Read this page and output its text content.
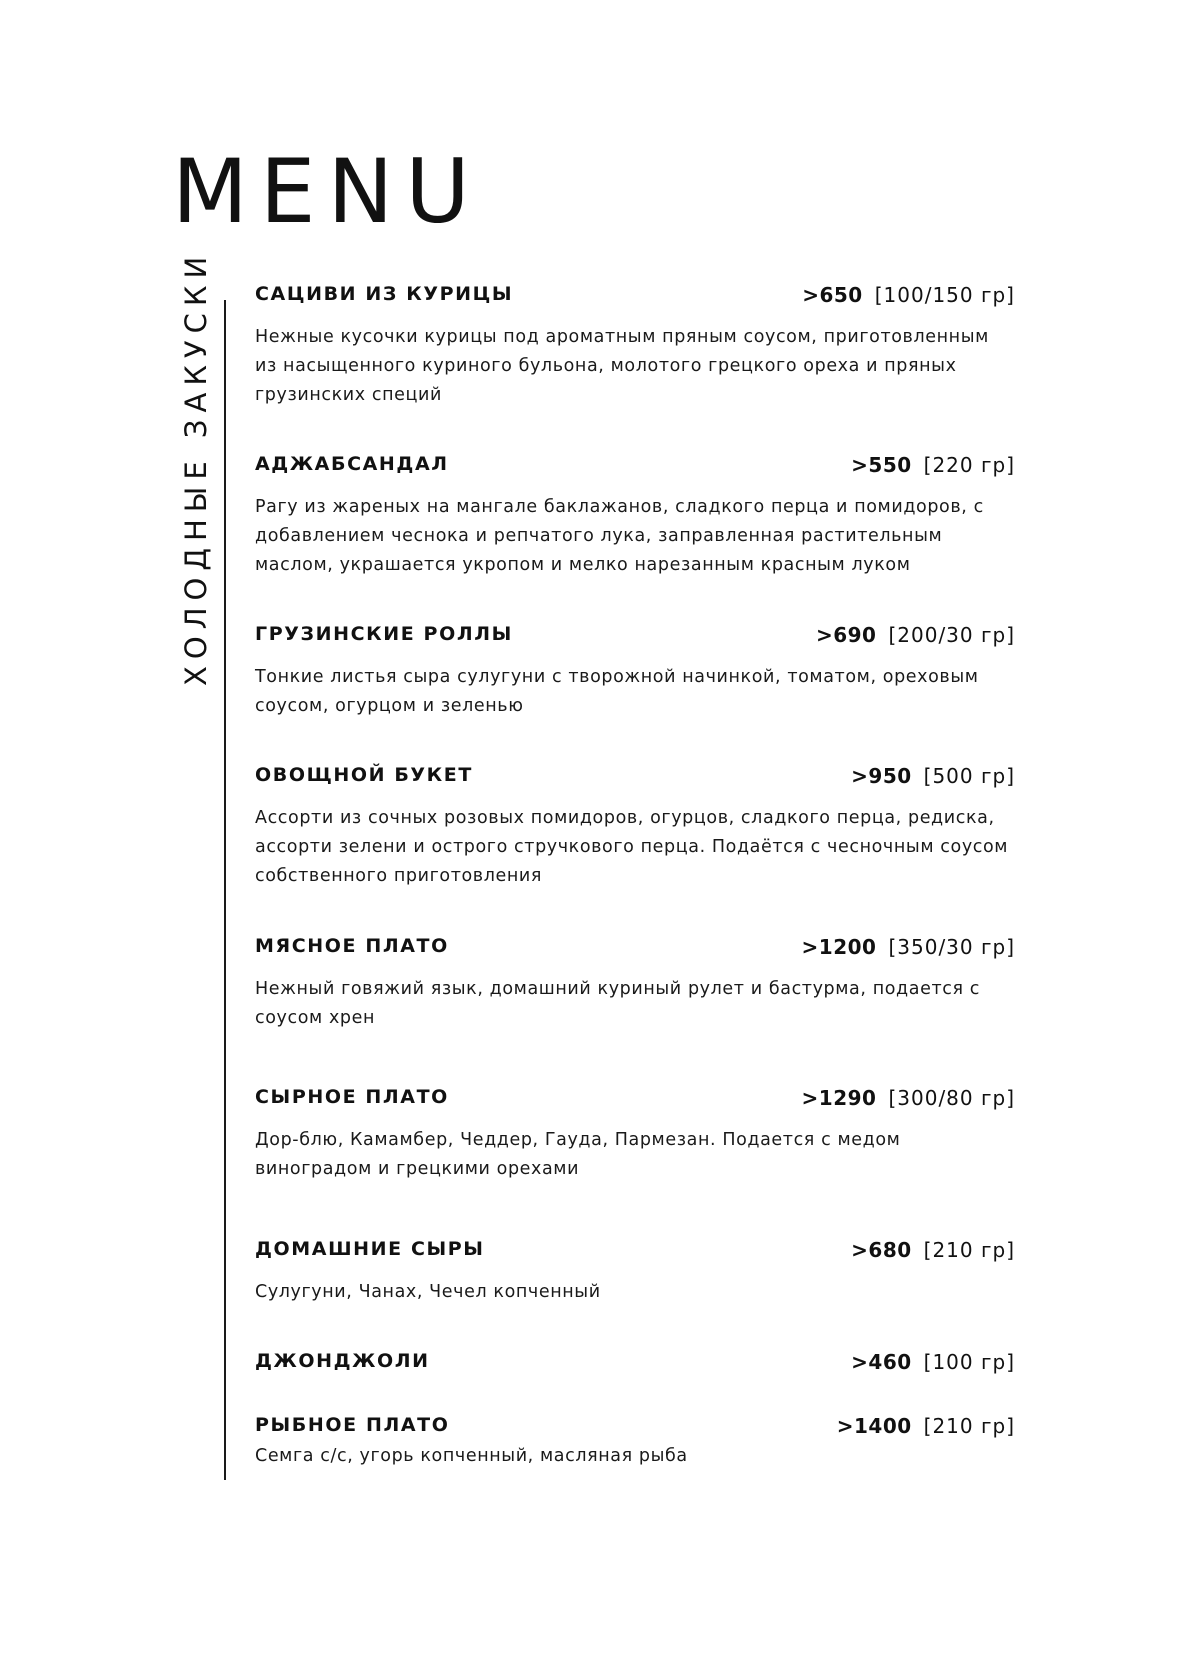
MENU
ХОЛОДНЫЕ ЗАКУСКИ САЦИВИ ИЗ КУРИЦЫ	>650 [100/150 гр]

Нежные кусочки курицы под ароматным пряным соусом, приготовленным из насыщенного куриного бульона, молотого грецкого ореха и пряных грузинских специй

АДЖАБСАНДАЛ	>550 [220 гр]

Рагу из жареных на мангале баклажанов, сладкого перца и помидоров, с добавлением чеснока и репчатого лука, заправленная растительным маслом, украшается укропом и мелко нарезанным красным луком

ГРУЗИНСКИЕ РОЛЛЫ	>690 [200/30 гр]

Тонкие листья сыра сулугуни с творожной начинкой, томатом, ореховым соусом, огурцом и зеленью

ОВОЩНОЙ БУКЕТ	>950 [500 гр]

Ассорти из сочных розовых помидоров, огурцов, сладкого перца, редиска, ассорти зелени и острого стручкового перца. Подаётся с чесночным соусом собственного приготовления

МЯСНОЕ ПЛАТО	>1200 [350/30 гр]

Нежный говяжий язык, домашний куриный рулет и бастурма, подается с соусом хрен

СЫРНОЕ ПЛАТО	>1290 [300/80 гр]

Дор-блю, Камамбер, Чеддер, Гауда, Пармезан. Подается с медом виноградом и грецкими орехами

ДОМАШНИЕ СЫРЫ	>680 [210 гр]

Сулугуни, Чанах, Чечел копченный

ДЖОНДЖОЛИ	>460 [100 гр]
РЫБНОЕ ПЛАТО	>1400 [210 гр]

Семга с/с, угорь копченный, масляная рыба
